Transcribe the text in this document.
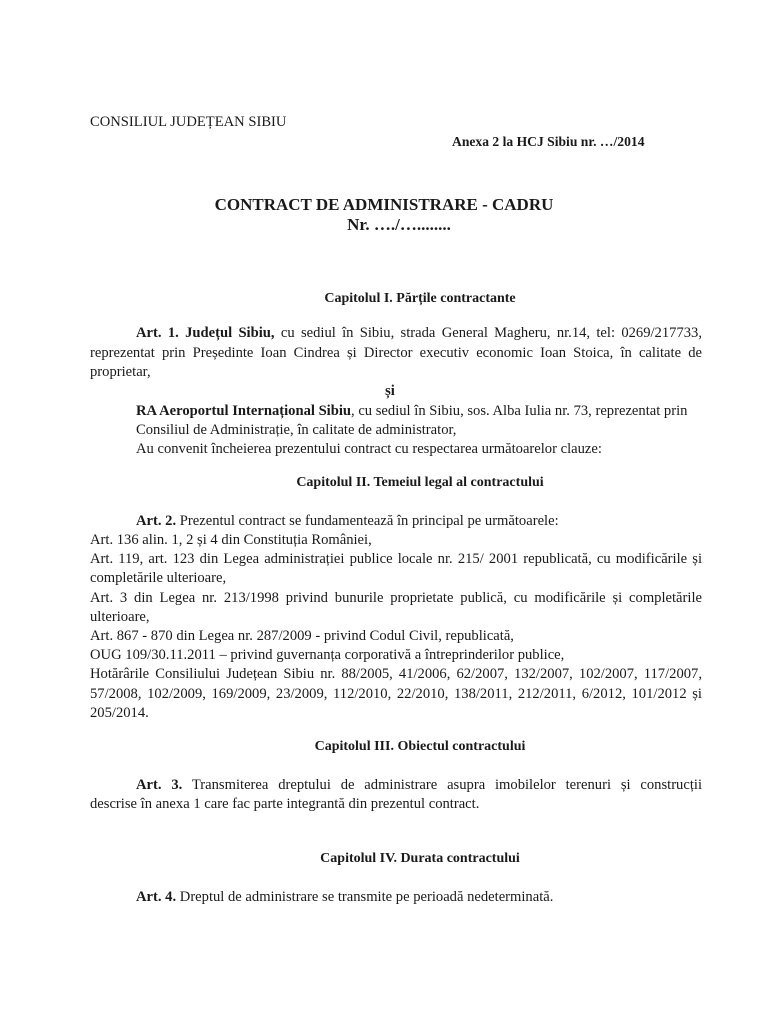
CONSILIUL JUDEȚEAN SIBIU
Anexa 2 la HCJ Sibiu nr. …/2014
CONTRACT DE ADMINISTRARE - CADRU
Nr. …./…........
Capitolul I. Părțile contractante
Art. 1. Județul Sibiu, cu sediul în Sibiu, strada General Magheru, nr.14, tel: 0269/217733,
reprezentat prin Președinte Ioan Cindrea și Director executiv economic Ioan Stoica, în calitate de
proprietar,
și
RA Aeroportul Internațional Sibiu, cu sediul în Sibiu, sos. Alba Iulia nr. 73, reprezentat prin
Consiliul de Administrație, în calitate de administrator,
Au convenit încheierea prezentului contract cu respectarea următoarelor clauze:
Capitolul II. Temeiul legal al contractului
Art. 2. Prezentul contract se fundamentează în principal pe următoarele:
Art. 136 alin. 1, 2 și 4 din Constituția României,
Art. 119, art. 123 din Legea administrației publice locale nr. 215/ 2001 republicată, cu modificările și
completările ulterioare,
Art. 3 din Legea nr. 213/1998 privind bunurile proprietate publică, cu modificările și completările
ulterioare,
Art. 867 - 870 din Legea nr. 287/2009 - privind Codul Civil, republicată,
OUG 109/30.11.2011 – privind guvernanța corporativă a întreprinderilor publice,
Hotărârile Consiliului Județean Sibiu nr. 88/2005, 41/2006, 62/2007, 132/2007, 102/2007, 117/2007,
57/2008, 102/2009, 169/2009, 23/2009, 112/2010, 22/2010, 138/2011, 212/2011, 6/2012, 101/2012 și
205/2014.
Capitolul III. Obiectul contractului
Art. 3. Transmiterea dreptului de administrare asupra imobilelor terenuri și construcții
descrise în anexa 1 care fac parte integrantă din prezentul contract.
Capitolul IV. Durata contractului
Art. 4. Dreptul de administrare se transmite pe perioadă nedeterminată.
